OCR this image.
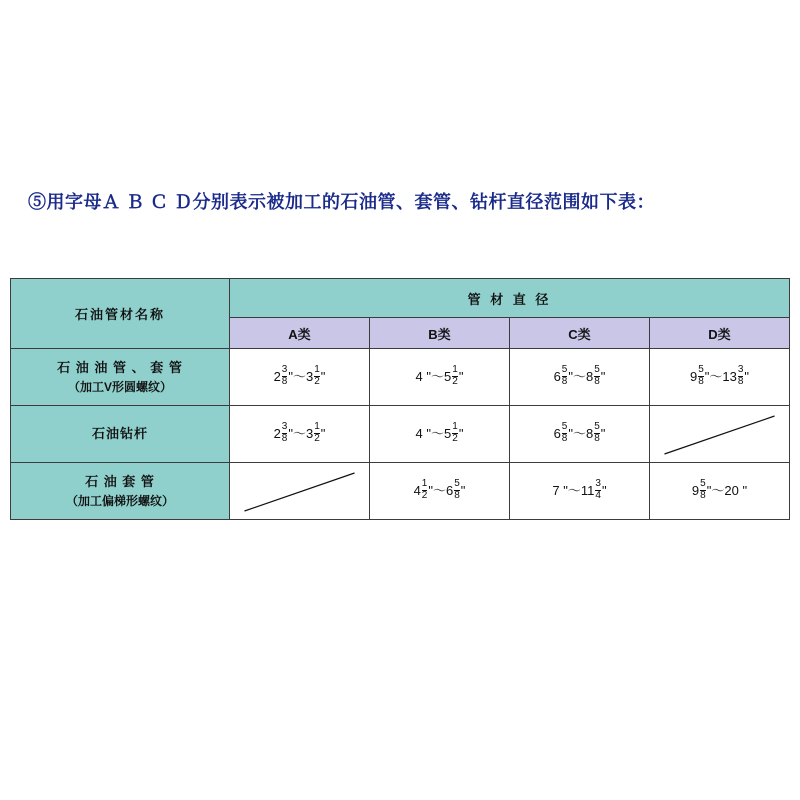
⑤用字母Ａ Ｂ Ｃ Ｄ分别表示被加工的石油管、套管、钻杆直径范围如下表：
石油管材名称	管 材 直 径			
	A类	B类	C类	D类
石 油 油 管 、 套 管
（加工V形圆螺纹）	$2 \frac{3}{8}$ "～3 $\frac{1}{2}$ "	4 "～5 $\frac{1}{2}$ "	$6 \frac{5}{8}$ "～8 $\frac{5}{8}$ "	$9 \frac{5}{8}$ "～13 $\frac{3}{8}$ "
石油钻杆	$2 \frac{3}{8}$ "～3 $\frac{1}{2}$ "	4 "～5 $\frac{1}{2}$ "	$6 \frac{5}{8}$ "～8 $\frac{5}{8}$ "	

石 油 套 管
（加工偏梯形螺纹）	
	$4 \frac{1}{2}$ "～6 $\frac{5}{8}$ "	7 "～11 $\frac{3}{4}$ "	$9 \frac{5}{8}$ "～20 "
